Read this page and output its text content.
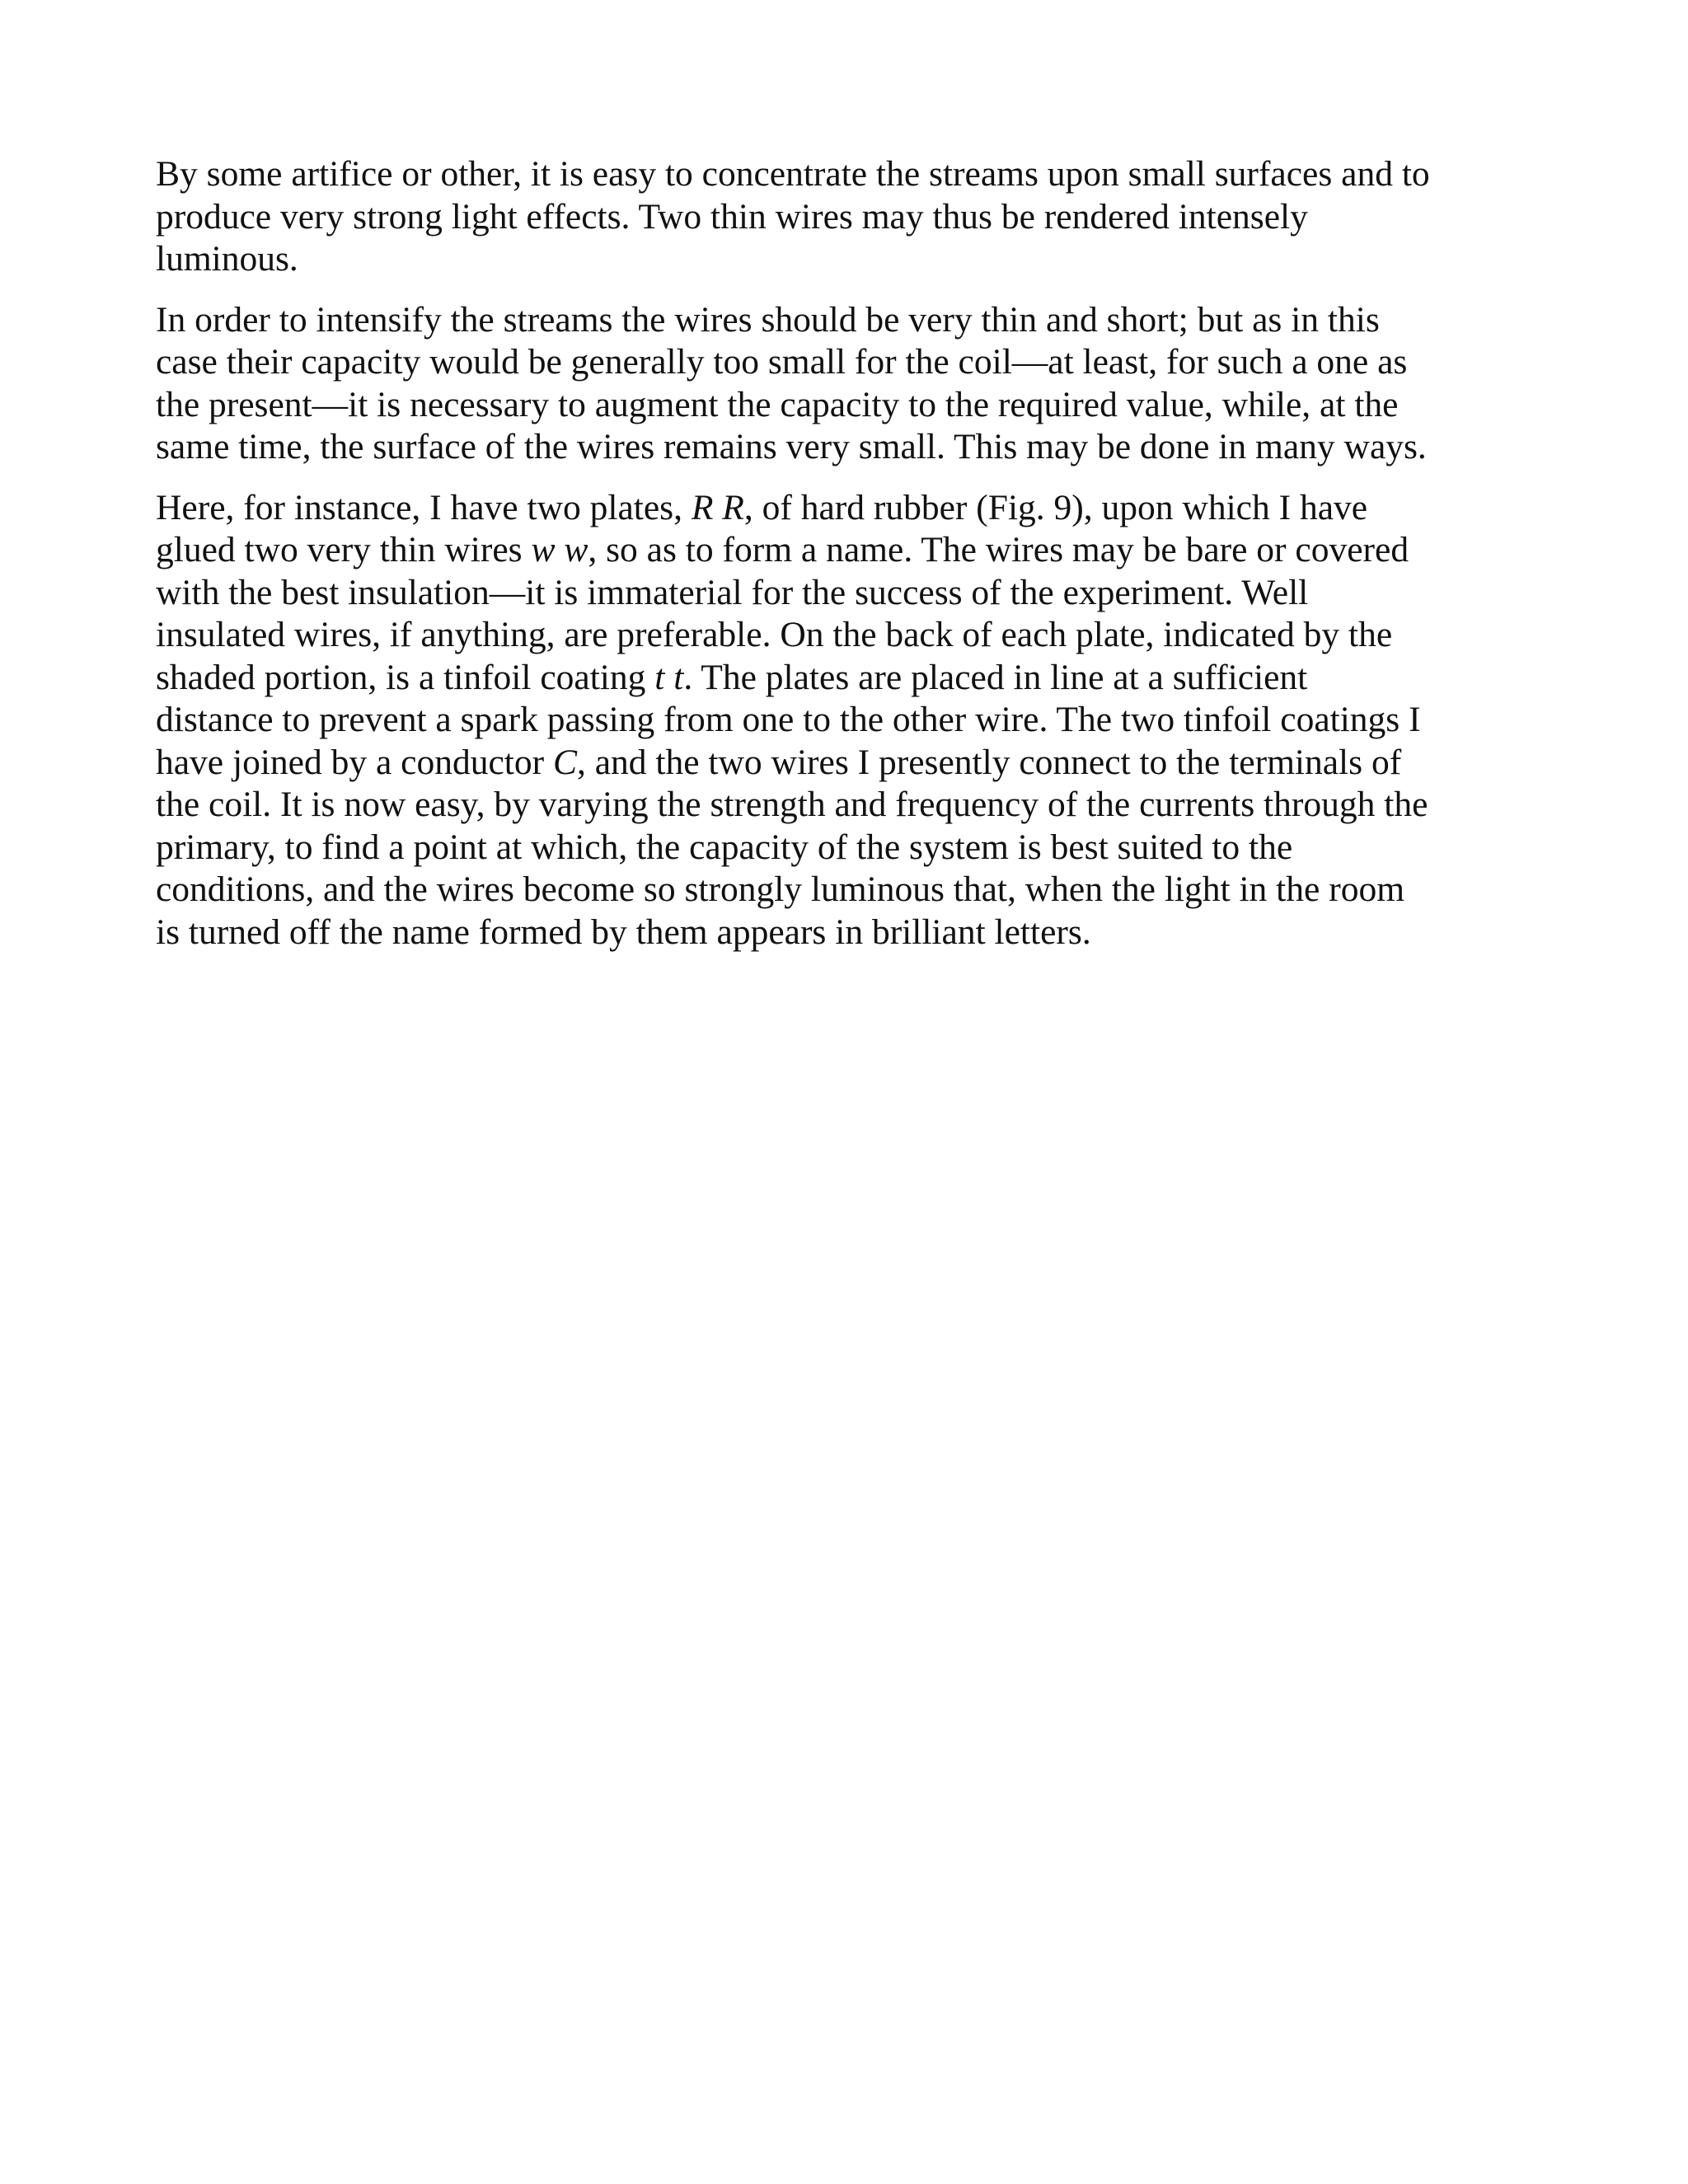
By some artifice or other, it is easy to concentrate the streams upon small surfaces and to
produce very strong light effects. Two thin wires may thus be rendered intensely
luminous.

In order to intensify the streams the wires should be very thin and short; but as in this
case their capacity would be generally too small for the coil—at least, for such a one as
the present—it is necessary to augment the capacity to the required value, while, at the
same time, the surface of the wires remains very small. This may be done in many ways.

Here, for instance, I have two plates, R R, of hard rubber (Fig. 9), upon which I have
glued two very thin wires w w, so as to form a name. The wires may be bare or covered
with the best insulation—it is immaterial for the success of the experiment. Well
insulated wires, if anything, are preferable. On the back of each plate, indicated by the
shaded portion, is a tinfoil coating t t. The plates are placed in line at a sufficient
distance to prevent a spark passing from one to the other wire. The two tinfoil coatings I
have joined by a conductor C, and the two wires I presently connect to the terminals of
the coil. It is now easy, by varying the strength and frequency of the currents through the
primary, to find a point at which, the capacity of the system is best suited to the
conditions, and the wires become so strongly luminous that, when the light in the room
is turned off the name formed by them appears in brilliant letters.
